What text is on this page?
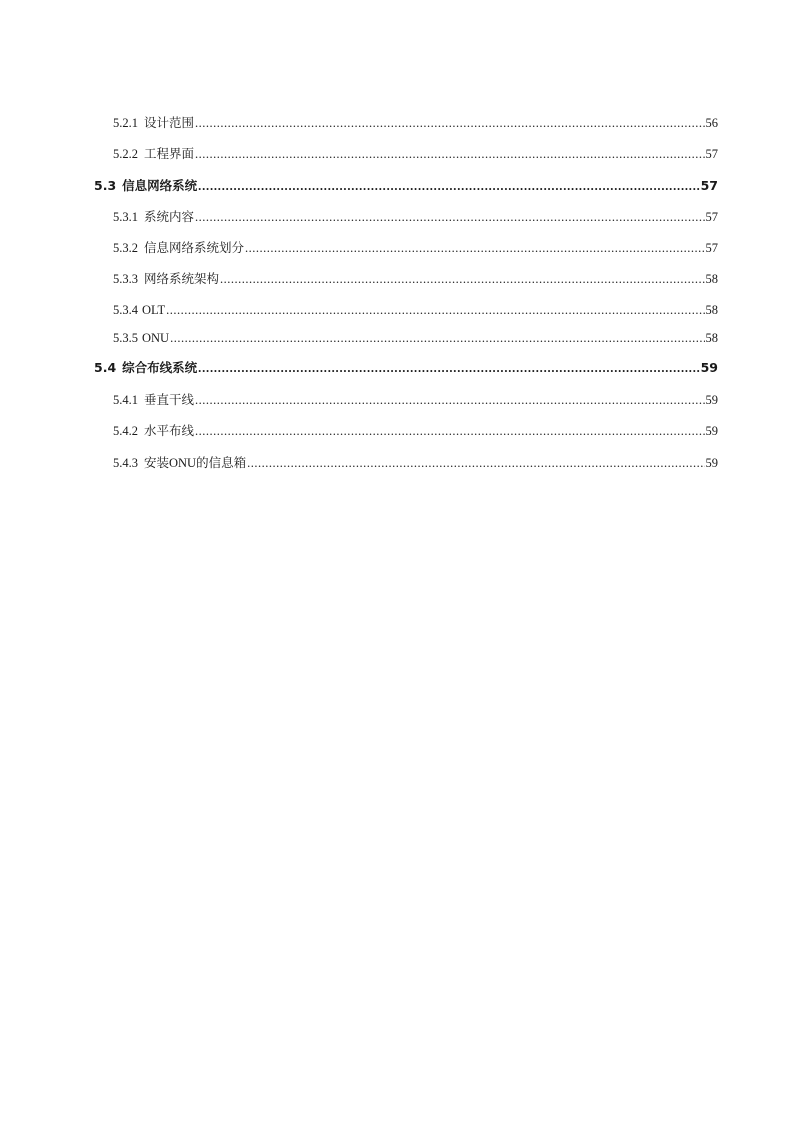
5.2.1 设计范围 .....	56
5.2.2 工程界面 .....	57
5.3 信息网络系统 .....	57
5.3.1 系统内容 .....	57
5.3.2 信息网络系统划分 .....	57
5.3.3 网络系统架构 .....	58
5.3.4 OLT .....	58
5.3.5 ONU .....	58
5.4 综合布线系统 .....	59
5.4.1 垂直干线 .....	59
5.4.2 水平布线 .....	59
5.4.3 安装ONU的信息箱 .....	59
